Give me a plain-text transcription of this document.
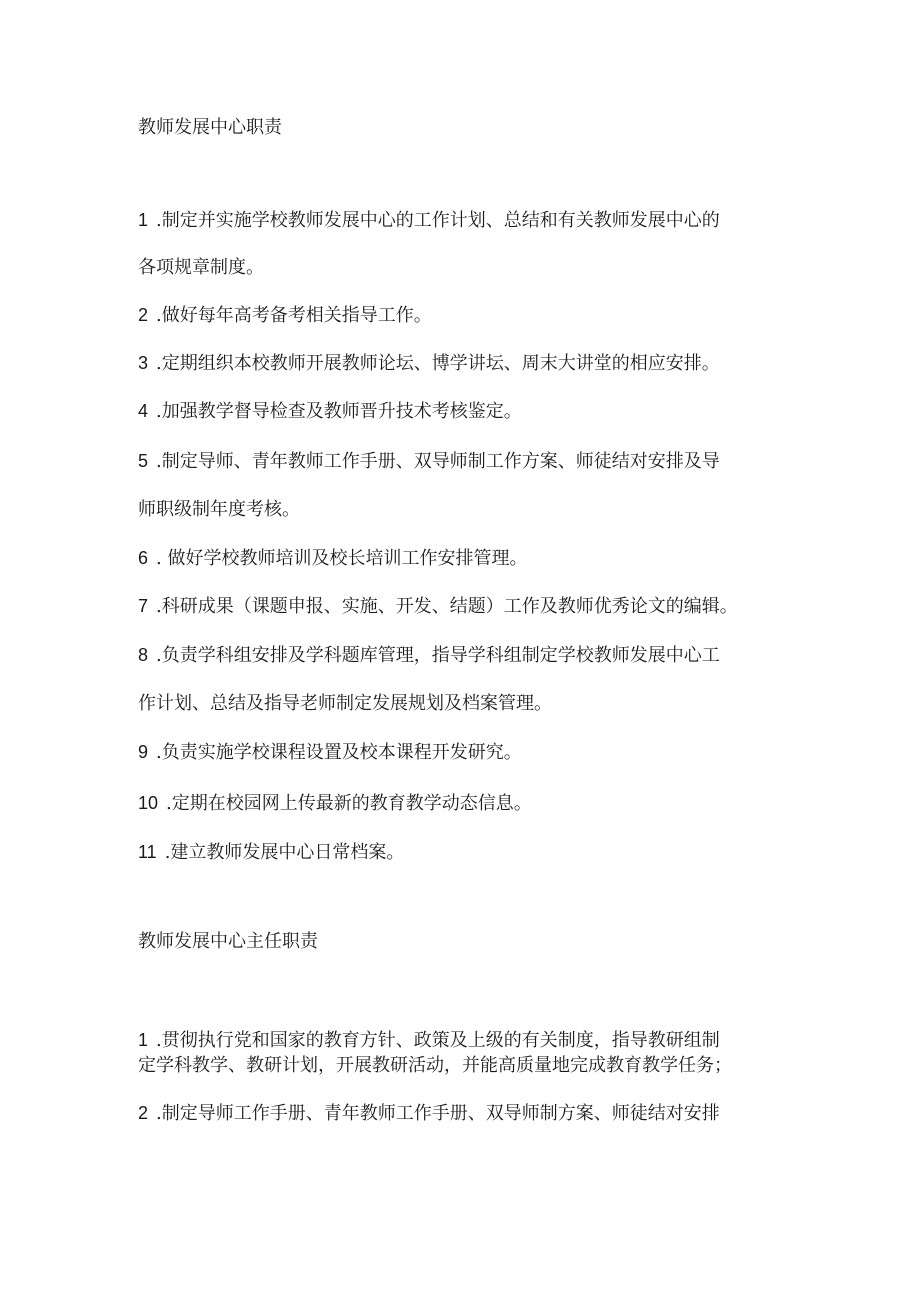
教师发展中心职责

1 .制定并实施学校教师发展中心的工作计划、总结和有关教师发展中心的

各项规章制度。

2 .做好每年高考备考相关指导工作。

3 .定期组织本校教师开展教师论坛、博学讲坛、周末大讲堂的相应安排。

4 .加强教学督导检查及教师晋升技术考核鉴定。

5 .制定导师、青年教师工作手册、双导师制工作方案、师徒结对安排及导

师职级制年度考核。

6 . 做好学校教师培训及校长培训工作安排管理。

7 .科研成果（课题申报、实施、开发、结题）工作及教师优秀论文的编辑。

8 .负责学科组安排及学科题库管理，指导学科组制定学校教师发展中心工

作计划、总结及指导老师制定发展规划及档案管理。

9 .负责实施学校课程设置及校本课程开发研究。

10 .定期在校园网上传最新的教育教学动态信息。

11 .建立教师发展中心日常档案。

教师发展中心主任职责

1 .贯彻执行党和国家的教育方针、政策及上级的有关制度，指导教研组制

定学科教学、教研计划，开展教研活动，并能高质量地完成教育教学任务；

2 .制定导师工作手册、青年教师工作手册、双导师制方案、师徒结对安排
